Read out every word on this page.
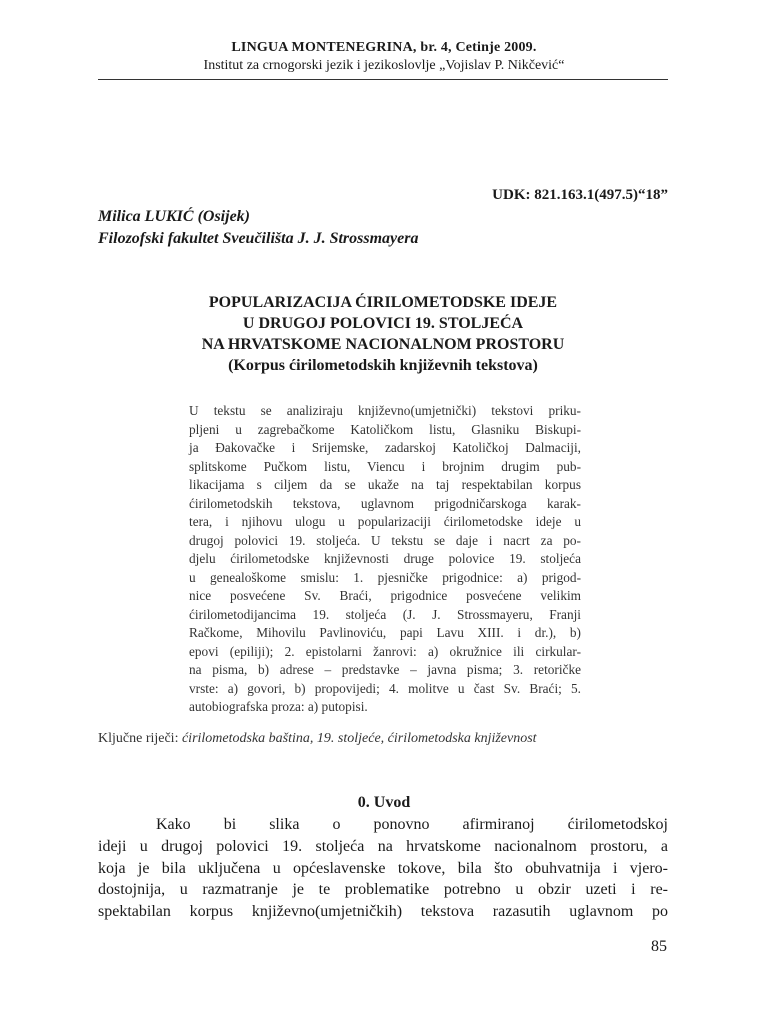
LINGUA MONTENEGRINA, br. 4, Cetinje 2009.
Institut za crnogorski jezik i jezikoslovlje „Vojislav P. Nikčević“
UDK: 821.163.1(497.5)“18”
Milica LUKIĆ (Osijek)
Filozofski fakultet Sveučilišta J. J. Strossmayera
POPULARIZACIJA ĆIRILOMETODSKE IDEJE
U DRUGOJ POLOVICI 19. STOLJEĆA
NA HRVATSKOME NACIONALNOM PROSTORU
(Korpus ćirilometodskih književnih tekstova)
U tekstu se analiziraju književno(umjetnički) tekstovi priku-
pljeni u zagrebačkome Katoličkom listu, Glasniku Biskupi-
ja Đakovačke i Srijemske, zadarskoj Katoličkoj Dalmaciji,
splitskome Pučkom listu, Viencu i brojnim drugim pub-
likacijama s ciljem da se ukaže na taj respektabilan korpus
ćirilometodskih tekstova, uglavnom prigodničarskoga karak-
tera, i njihovu ulogu u popularizaciji ćirilometodske ideje u
drugoj polovici 19. stoljeća. U tekstu se daje i nacrt za po-
djelu ćirilometodske književnosti druge polovice 19. stoljeća
u genealoškome smislu: 1. pjesničke prigodnice: a) prigod-
nice posvećene Sv. Braći, prigodnice posvećene velikim
ćirilometodijancima 19. stoljeća (J. J. Strossmayeru, Franji
Račkome, Mihovilu Pavlinoviću, papi Lavu XIII. i dr.), b)
epovi (epiliji); 2. epistolarni žanrovi: a) okružnice ili cirkular-
na pisma, b) adrese – predstavke – javna pisma; 3. retoričke
vrste: a) govori, b) propovijedi; 4. molitve u čast Sv. Braći; 5.
autobiografska proza: a) putopisi.
Ključne riječi: ćirilometodska baština, 19. stoljeće, ćirilometodska književnost
0. Uvod
Kako bi slika o ponovno afirmiranoj ćirilometodskoj
ideji u drugoj polovici 19. stoljeća na hrvatskome nacionalnom prostoru, a
koja je bila uključena u općeslavenske tokove, bila što obuhvatnija i vjero-
dostojnija, u razmatranje je te problematike potrebno u obzir uzeti i re-
spektabilan korpus književno(umjetničkih) tekstova razasutih uglavnom po
85
